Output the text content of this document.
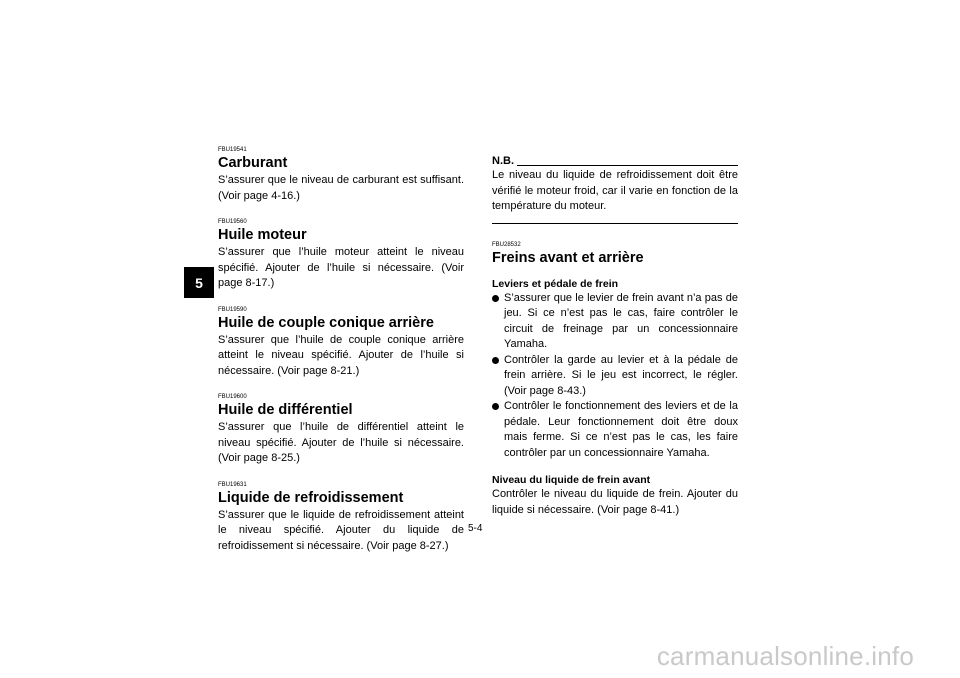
5
FBU19541
Carburant

S’assurer que le niveau de carburant est suffisant. (Voir page 4-16.)

FBU19560
Huile moteur

S’assurer que l’huile moteur atteint le niveau spécifié. Ajouter de l’huile si nécessaire. (Voir page 8-17.)

FBU19590
Huile de couple conique arrière

S’assurer que l’huile de couple conique arrière atteint le niveau spécifié. Ajouter de l’huile si nécessaire. (Voir page 8-21.)

FBU19600
Huile de différentiel

S’assurer que l’huile de différentiel atteint le niveau spécifié. Ajouter de l’huile si nécessaire. (Voir page 8-25.)

FBU19631
Liquide de refroidissement

S’assurer que le liquide de refroidissement atteint le niveau spécifié. Ajouter du liquide de refroidissement si nécessaire. (Voir page 8-27.)

N.B.

Le niveau du liquide de refroidissement doit être vérifié le moteur froid, car il varie en fonction de la température du moteur.

FBU28532
Freins avant et arrière
Leviers et pédale de frein
S’assurer que le levier de frein avant n’a pas de jeu. Si ce n’est pas le cas, faire contrôler le circuit de freinage par un concessionnaire Yamaha.
Contrôler la garde au levier et à la pédale de frein arrière. Si le jeu est incorrect, le régler. (Voir page 8-43.)
Contrôler le fonctionnement des leviers et de la pédale. Leur fonctionnement doit être doux mais ferme. Si ce n’est pas le cas, les faire contrôler par un concessionnaire Yamaha.
Niveau du liquide de frein avant

Contrôler le niveau du liquide de frein. Ajouter du liquide si nécessaire. (Voir page 8-41.)

5-4
carmanualsonline.info
